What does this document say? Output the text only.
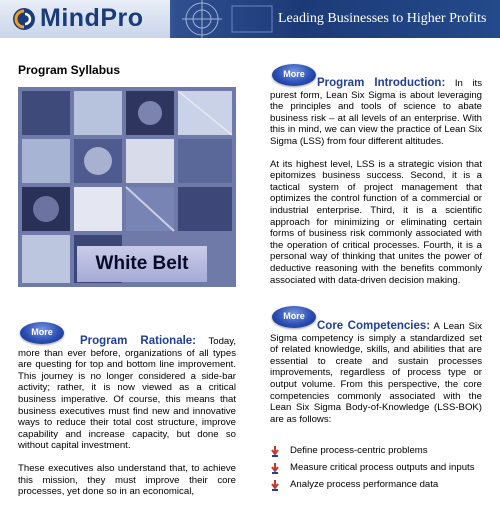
MindPro	Leading Businesses to Higher Profits
Program Syllabus
White Belt
More

Program Rationale: Today, more than ever before, organizations of all types are questing for top and bottom line improvement. This journey is no longer considered a side-bar activity; rather, it is now viewed as a critical business imperative. Of course, this means that business executives must find new and innovative ways to reduce their total cost structure, improve capability and increase capacity, but done so without capital investment.

These executives also understand that, to achieve this mission, they must improve their core processes, yet done so in an economical,

More

Program Introduction: In its purest form, Lean Six Sigma is about leveraging the principles and tools of science to abate business risk – at all levels of an enterprise. With this in mind, we can view the practice of Lean Six Sigma (LSS) from four different altitudes.

At its highest level, LSS is a strategic vision that epitomizes business success. Second, it is a tactical system of project management that optimizes the control function of a commercial or industrial enterprise. Third, it is a scientific approach for minimizing or eliminating certain forms of business risk commonly associated with the operation of critical processes. Fourth, it is a personal way of thinking that unites the power of deductive reasoning with the benefits commonly associated with data-driven decision making.

More

Core Competencies: A Lean Six Sigma competency is simply a standardized set of related knowledge, skills, and abilities that are essential to create and sustain processes improvements, regardless of process type or output volume. From this perspective, the core competencies commonly associated with the Lean Six Sigma Body-of-Knowledge (LSS-BOK) are as follows:

Define process-centric problems
Measure critical process outputs and inputs
Analyze process performance data
